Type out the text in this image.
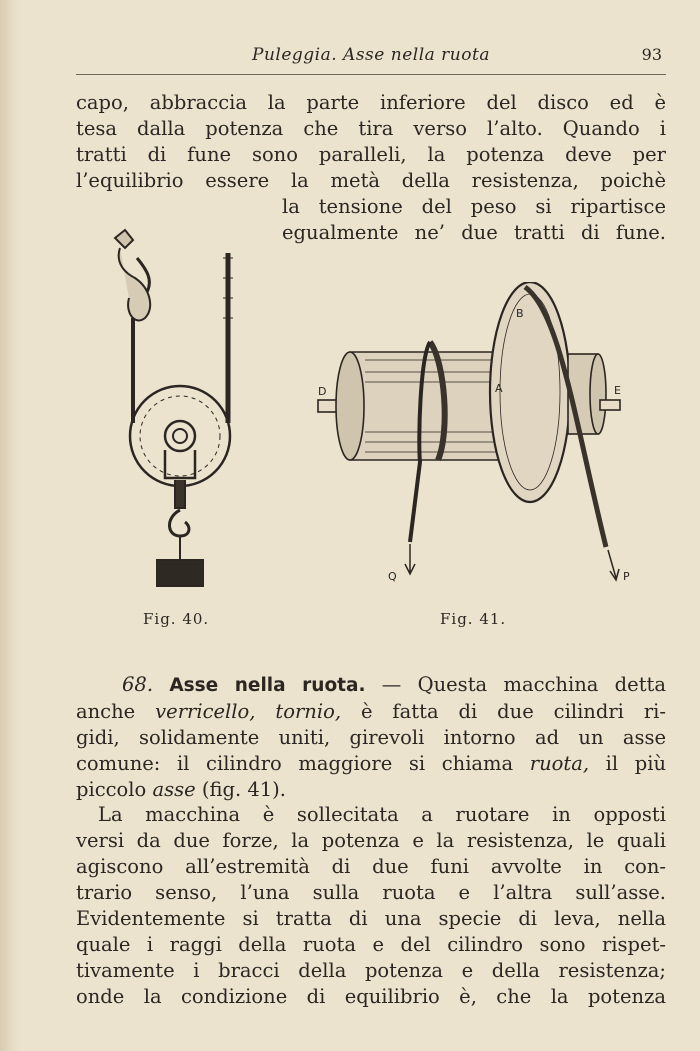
Puleggia. Asse nella ruota	93
capo, abbraccia la parte inferiore del disco ed è
tesa dalla potenza che tira verso l’alto. Quando i
tratti di fune sono paralleli, la potenza deve per
l’equilibrio essere la metà della resistenza, poichè
la tensione del peso si ripartisce
egualmente ne’ due tratti di fune.
D	A
B
E
Q	P
Fig. 40.	Fig. 41.
68. Asse nella ruota. — Questa macchina detta
anche verricello, tornio, è fatta di due cilindri ri-
gidi, solidamente uniti, girevoli intorno ad un asse
comune: il cilindro maggiore si chiama ruota, il più
piccolo asse (fig. 41).
La macchina è sollecitata a ruotare in opposti
versi da due forze, la potenza e la resistenza, le quali
agiscono all’estremità di due funi avvolte in con-
trario senso, l’una sulla ruota e l’altra sull’asse.
Evidentemente si tratta di una specie di leva, nella
quale i raggi della ruota e del cilindro sono rispet-
tivamente i bracci della potenza e della resistenza;
onde la condizione di equilibrio è, che la potenza
